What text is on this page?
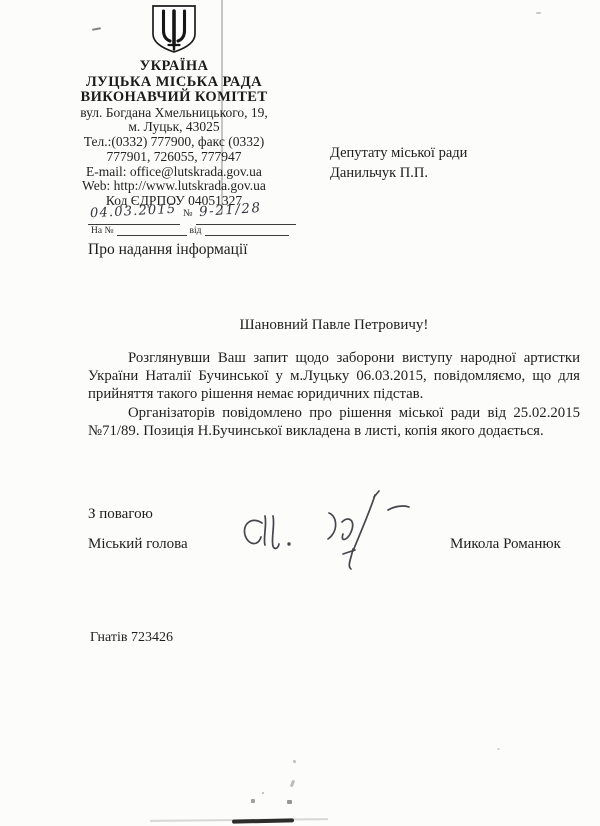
УКРАЇНА
ЛУЦЬКА МІСЬКА РАДА
ВИКОНАВЧИЙ КОМІТЕТ
вул. Богдана Хмельницького, 19,
м. Луцьк, 43025
Тел.:(0332) 777900, факс (0332)
777901, 726055, 777947
E-mail: office@lutskrada.gov.ua
Web: http://www.lutskrada.gov.ua
Код ЄДРПОУ 04051327
№
04.03.2015 9-21/28
На №	від
Про надання інформації
Депутату міської ради
Данильчук П.П.
Шановний Павле Петровичу!

Розглянувши Ваш запит щодо заборони виступу народної артистки України Наталії Бучинської у м.Луцьку 06.03.2015, повідомляємо, що для прийняття такого рішення немає юридичних підстав.

Організаторів повідомлено про рішення міської ради від 25.02.2015 №71/89. Позиція Н.Бучинської викладена в листі, копія якого додається.

З повагою
Міський голова	Микола Романюк
Гнатів 723426
